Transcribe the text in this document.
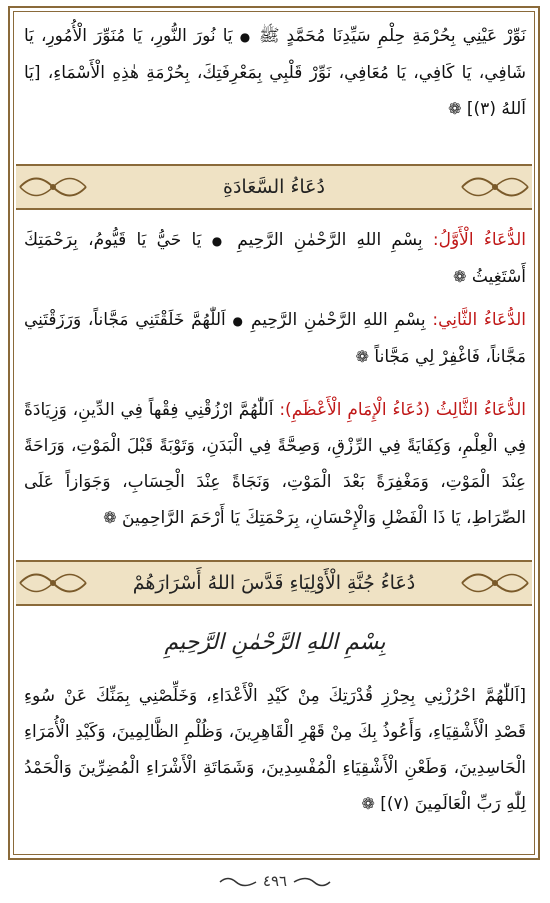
نَوِّرْ عَيْنِي بِحُرْمَةِ حِلْمِ سَيِّدِنَا مُحَمَّدٍ ﷺ ● يَا نُورَ النُّورِ، يَا مُنَوِّرَ الْأُمُورِ، يَا شَافِي، يَا كَافِي، يَا مُعَافِي، نَوِّرْ قَلْبِي بِمَعْرِفَتِكَ، بِحُرْمَةِ هٰذِهِ الْأَسْمَاءِ، [يَا اَللهُ (٣)] ❁
دُعَاءُ السَّعَادَةِ
الدُّعَاءُ الْأَوَّلُ: بِسْمِ اللهِ الرَّحْمٰنِ الرَّحِيمِ ● يَا حَيُّ يَا قَيُّومُ، بِرَحْمَتِكَ أَسْتَغِيثُ ❁
الدُّعَاءُ الثَّانِي: بِسْمِ اللهِ الرَّحْمٰنِ الرَّحِيمِ ● اَللّٰهُمَّ خَلَقْتَنِي مَجَّاناً، وَرَزَقْتَنِي مَجَّاناً، فَاغْفِرْ لِي مَجَّاناً ❁
الدُّعَاءُ الثَّالِثُ (دُعَاءُ الْإِمَامِ الْأَعْظَمِ): اَللّٰهُمَّ ارْزُقْنِي فِقْهاً فِي الدِّينِ، وَزِيَادَةً فِي الْعِلْمِ، وَكِفَايَةً فِي الرِّزْقِ، وَصِحَّةً فِي الْبَدَنِ، وَتَوْبَةً قَبْلَ الْمَوْتِ، وَرَاحَةً عِنْدَ الْمَوْتِ، وَمَغْفِرَةً بَعْدَ الْمَوْتِ، وَنَجَاةً عِنْدَ الْحِسَابِ، وَجَوَازاً عَلَى الصِّرَاطِ، يَا ذَا الْفَضْلِ وَالْإِحْسَانِ، بِرَحْمَتِكَ يَا أَرْحَمَ الرَّاحِمِينَ ❁
دُعَاءُ جُنَّةِ الْأَوْلِيَاءِ قَدَّسَ اللهُ أَسْرَارَهُمْ
بِسْمِ اللهِ الرَّحْمٰنِ الرَّحِيمِ
[اَللّٰهُمَّ احْرُزْنِي بِحِرْزِ قُدْرَتِكَ مِنْ كَيْدِ الْأَعْدَاءِ، وَخَلِّصْنِي بِمَنِّكَ عَنْ سُوءِ قَصْدِ الْأَشْقِيَاءِ، وَأَعُوذُ بِكَ مِنْ قَهْرِ الْقَاهِرِينَ، وَظُلْمِ الظَّالِمِينَ، وَكَيْدِ الْأُمَرَاءِ الْحَاسِدِينَ، وَطَعْنِ الْأَشْقِيَاءِ الْمُفْسِدِينَ، وَشَمَاتَةِ الْأَشْرَاءِ الْمُضِرِّينَ وَالْحَمْدُ لِلّٰهِ رَبِّ الْعَالَمِينَ (٧)] ❁
٤٩٦
